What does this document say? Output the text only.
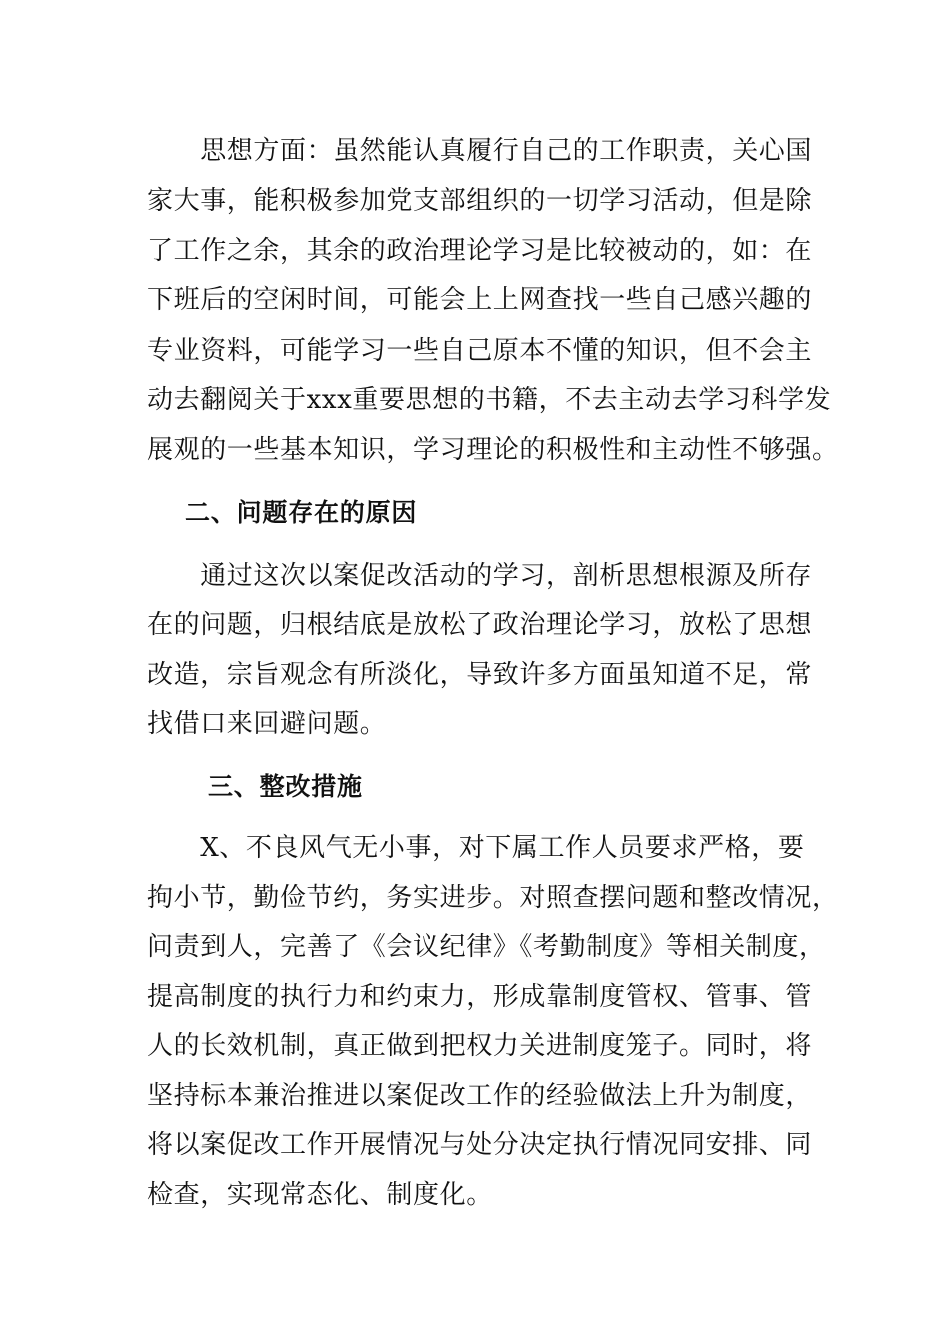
　　思想方面：虽然能认真履行自己的工作职责，关心国
家大事，能积极参加党支部组织的一切学习活动，但是除
了工作之余，其余的政治理论学习是比较被动的，如：在
下班后的空闲时间，可能会上上网查找一些自己感兴趣的
专业资料，可能学习一些自己原本不懂的知识，但不会主
动去翻阅关于xxx重要思想的书籍，不去主动去学习科学发
展观的一些基本知识，学习理论的积极性和主动性不够强。
二、问题存在的原因
　　通过这次以案促改活动的学习，剖析思想根源及所存
在的问题，归根结底是放松了政治理论学习，放松了思想
改造，宗旨观念有所淡化，导致许多方面虽知道不足，常
找借口来回避问题。
三、整改措施
　　X、不良风气无小事，对下属工作人员要求严格，要
拘小节，勤俭节约，务实进步。对照查摆问题和整改情况，
问责到人，完善了《会议纪律》《考勤制度》等相关制度，
提高制度的执行力和约束力，形成靠制度管权、管事、管
人的长效机制，真正做到把权力关进制度笼子。同时，将
坚持标本兼治推进以案促改工作的经验做法上升为制度，
将以案促改工作开展情况与处分决定执行情况同安排、同
检查，实现常态化、制度化。
